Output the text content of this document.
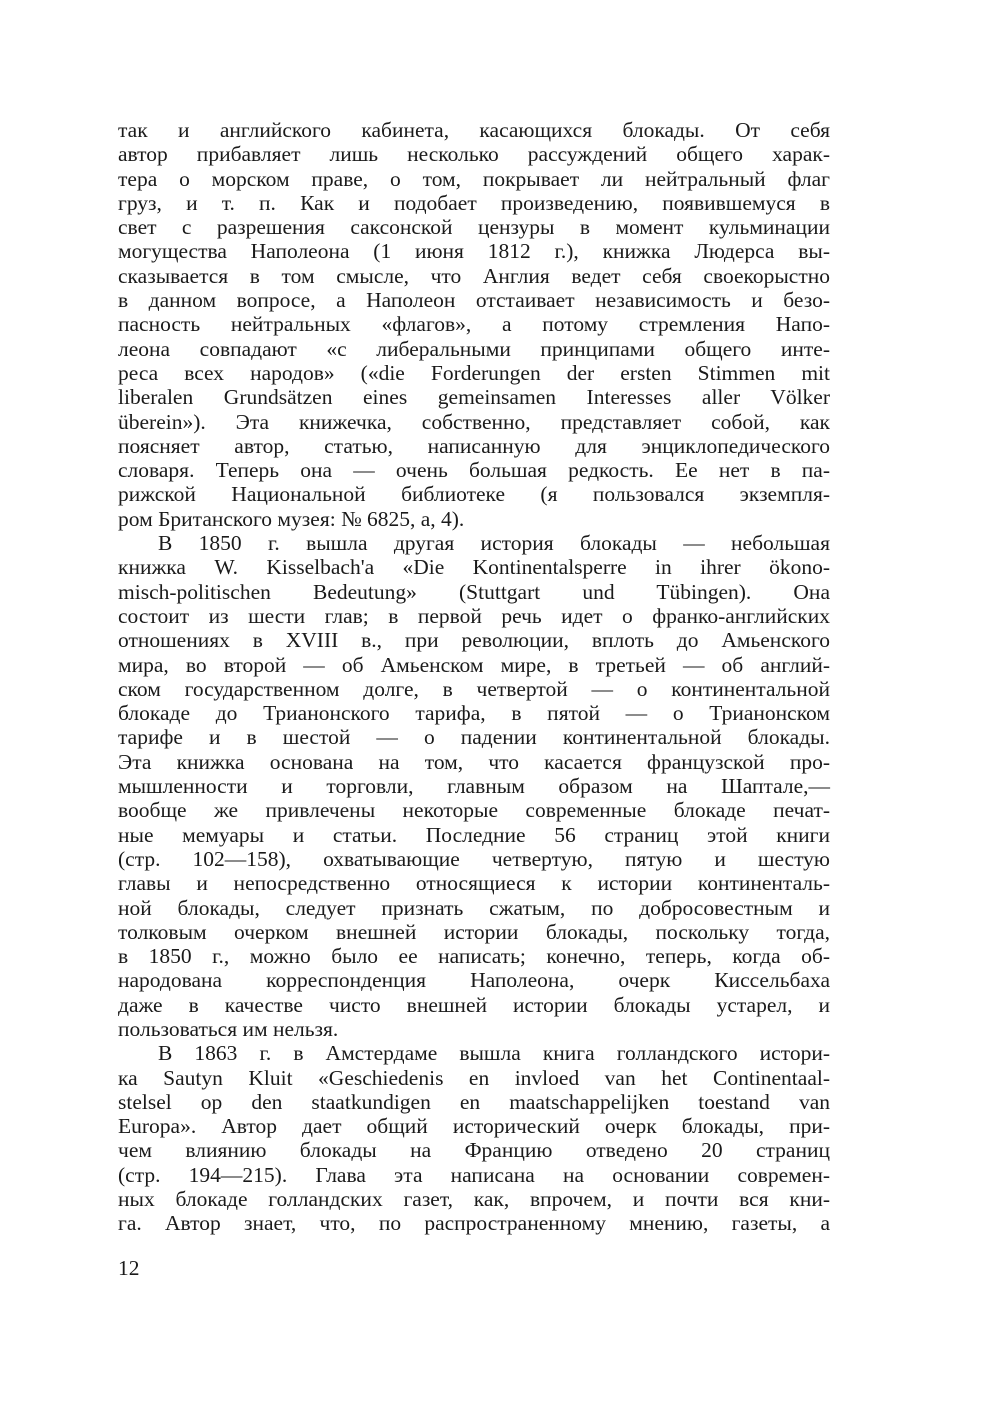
так и английского кабинета, касающихся блокады. От себя
автор прибавляет лишь несколько рассуждений общего харак-
тера о морском праве, о том, покрывает ли нейтральный флаг
груз, и т. п. Как и подобает произведению, появившемуся в
свет с разрешения саксонской цензуры в момент кульминации
могущества Наполеона (1 июня 1812 г.), книжка Людерса вы-
сказывается в том смысле, что Англия ведет себя своекорыстно
в данном вопросе, а Наполеон отстаивает независимость и безо-
пасность нейтральных «флагов», а потому стремления Напо-
леона совпадают «с либеральными принципами общего инте-
реса всех народов» («die Forderungen der ersten Stimmen mit
liberalen Grundsätzen eines gemeinsamen Interesses aller Völker
überein»). Эта книжечка, собственно, представляет собой, как
поясняет автор, статью, написанную для энциклопедического
словаря. Теперь она — очень большая редкость. Ее нет в па-
рижской Национальной библиотеке (я пользовался экземпля-
ром Британского музея: № 6825, a, 4).
В 1850 г. вышла другая история блокады — небольшая
книжка W. Kisselbach'a «Die Kontinentalsperre in ihrer ökono-
misch-politischen Bedeutung» (Stuttgart und Tübingen). Она
состоит из шести глав; в первой речь идет о франко-английских
отношениях в XVIII в., при революции, вплоть до Амьенского
мира, во второй — об Амьенском мире, в третьей — об англий-
ском государственном долге, в четвертой — о континентальной
блокаде до Трианонского тарифа, в пятой — о Трианонском
тарифе и в шестой — о падении континентальной блокады.
Эта книжка основана на том, что касается французской про-
мышленности и торговли, главным образом на Шаптале,—
вообще же привлечены некоторые современные блокаде печат-
ные мемуары и статьи. Последние 56 страниц этой книги
(стр. 102—158), охватывающие четвертую, пятую и шестую
главы и непосредственно относящиеся к истории континенталь-
ной блокады, следует признать сжатым, по добросовестным и
толковым очерком внешней истории блокады, поскольку тогда,
в 1850 г., можно было ее написать; конечно, теперь, когда об-
народована корреспонденция Наполеона, очерк Киссельбаха
даже в качестве чисто внешней истории блокады устарел, и
пользоваться им нельзя.
В 1863 г. в Амстердаме вышла книга голландского истори-
ка Sautyn Kluit «Geschiedenis en invloed van het Continentaal-
stelsel op den staatkundigen en maatschappelijken toestand van
Europa». Автор дает общий исторический очерк блокады, при-
чем влиянию блокады на Францию отведено 20 страниц
(стр. 194—215). Глава эта написана на основании современ-
ных блокаде голландских газет, как, впрочем, и почти вся кни-
га. Автор знает, что, по распространенному мнению, газеты, а
12
